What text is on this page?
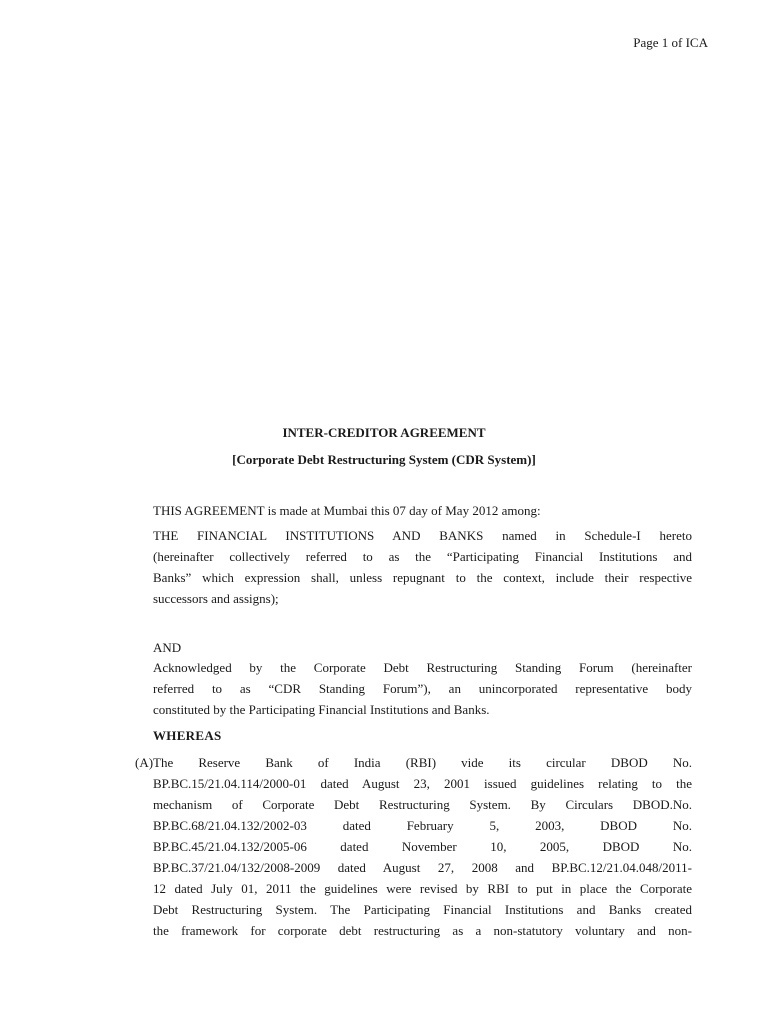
Page 1 of ICA
INTER-CREDITOR AGREEMENT
[Corporate Debt Restructuring System (CDR System)]
THIS AGREEMENT is made at Mumbai this 07 day of May 2012 among:
THE FINANCIAL INSTITUTIONS AND BANKS named in Schedule-I hereto
(hereinafter collectively referred to as the “Participating Financial Institutions and
Banks” which expression shall, unless repugnant to the context, include their respective
successors and assigns);
AND
Acknowledged by the Corporate Debt Restructuring Standing Forum (hereinafter
referred to as “CDR Standing Forum”), an unincorporated representative body
constituted by the Participating Financial Institutions and Banks.
WHEREAS
(A) The Reserve Bank of India (RBI) vide its circular DBOD No.
BP.BC.15/21.04.114/2000-01 dated August 23, 2001 issued guidelines relating to the
mechanism of Corporate Debt Restructuring System. By Circulars DBOD.No.
BP.BC.68/21.04.132/2002-03 dated February 5, 2003, DBOD No.
BP.BC.45/21.04.132/2005-06 dated November 10, 2005, DBOD No.
BP.BC.37/21.04/132/2008-2009 dated August 27, 2008 and BP.BC.12/21.04.048/2011-
12 dated July 01, 2011 the guidelines were revised by RBI to put in place the Corporate
Debt Restructuring System. The Participating Financial Institutions and Banks created
the framework for corporate debt restructuring as a non-statutory voluntary and non-
